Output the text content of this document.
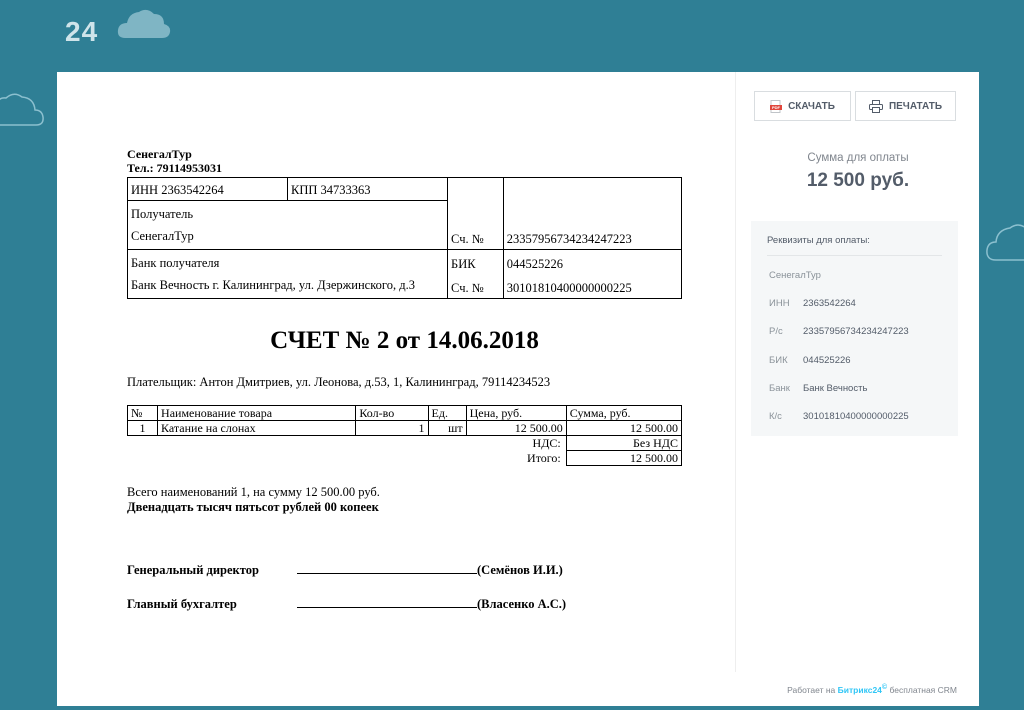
24
СенегалТур
Тел.: 79114953031
ИНН 2363542264	КПП 34733363		

Получатель
СенегалТур		Сч. №	23357956734234247223

Банк получателя
Банк Вечность г. Калининград, ул. Дзержинского, д.3		БИК	044525226
		Сч. №	30101810400000000225
СЧЕТ № 2 от 14.06.2018
Плательщик: Антон Дмитриев, ул. Леонова, д.53, 1, Калининград, 79114234523
№	Наименование товара	Кол-во	Ед.	Цена, руб.	Сумма, руб.
1	Катание на слонах	1	шт	12 500.00	12 500.00
НДС:					Без НДС
Итого:					12 500.00
Всего наименований 1, на сумму 12 500.00 руб.
Двенадцать тысяч пятьсот рублей 00 копеек
Генеральный директор	(Семёнов И.И.)
Главный бухгалтер	(Власенко А.С.)
PDF СКАЧАТЬ	ПЕЧАТАТЬ
Сумма для оплаты
12 500 руб.
Реквизиты для оплаты:
СенегалТур
ИНН 2363542264
Р/с 23357956734234247223
БИК 044525226
Банк Банк Вечность
К/с 30101810400000000225
Работает на Битрикс24© бесплатная CRM
